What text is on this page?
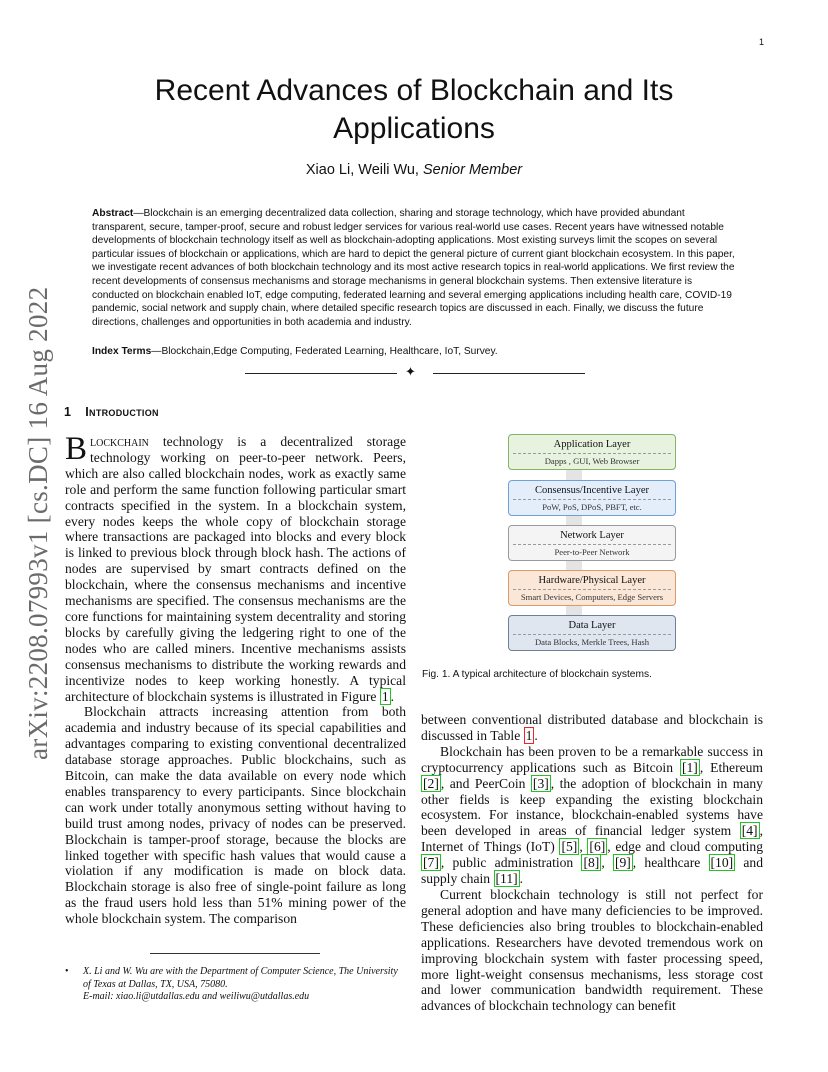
1
arXiv:2208.07993v1 [cs.DC] 16 Aug 2022
Recent Advances of Blockchain and Its Applications
Xiao Li, Weili Wu, Senior Member
Abstract—Blockchain is an emerging decentralized data collection, sharing and storage technology, which have provided abundant transparent, secure, tamper-proof, secure and robust ledger services for various real-world use cases. Recent years have witnessed notable developments of blockchain technology itself as well as blockchain-adopting applications. Most existing surveys limit the scopes on several particular issues of blockchain or applications, which are hard to depict the general picture of current giant blockchain ecosystem. In this paper, we investigate recent advances of both blockchain technology and its most active research topics in real-world applications. We first review the recent developments of consensus mechanisms and storage mechanisms in general blockchain systems. Then extensive literature is conducted on blockchain enabled IoT, edge computing, federated learning and several emerging applications including health care, COVID-19 pandemic, social network and supply chain, where detailed specific research topics are discussed in each. Finally, we discuss the future directions, challenges and opportunities in both academia and industry.
Index Terms—Blockchain,Edge Computing, Federated Learning, Healthcare, IoT, Survey.
✦
1 Introduction

Blockchain technology is a decentralized storage technology working on peer-to-peer network. Peers, which are also called blockchain nodes, work as exactly same role and perform the same function following particular smart contracts specified in the system. In a blockchain system, every nodes keeps the whole copy of blockchain storage where transactions are packaged into blocks and every block is linked to previous block through block hash. The actions of nodes are supervised by smart contracts defined on the blockchain, where the consensus mechanisms and incentive mechanisms are specified. The consensus mechanisms are the core functions for maintaining system decentrality and storing blocks by carefully giving the ledgering right to one of the nodes who are called miners. Incentive mechanisms assists consensus mechanisms to distribute the working rewards and incentivize nodes to keep working honestly. A typical architecture of blockchain systems is illustrated in Figure 1 .

Blockchain attracts increasing attention from both academia and industry because of its special capabilities and advantages comparing to existing conventional decentralized database storage approaches. Public blockchains, such as Bitcoin, can make the data available on every node which enables transparency to every participants. Since blockchain can work under totally anonymous setting without having to build trust among nodes, privacy of nodes can be preserved. Blockchain is tamper-proof storage, because the blocks are linked together with specific hash values that would cause a violation if any modification is made on block data. Blockchain storage is also free of single-point failure as long as the fraud users hold less than 51% mining power of the whole blockchain system. The comparison

Application Layer
Dapps , GUI, Web Browser
Consensus/Incentive Layer
PoW, PoS, DPoS, PBFT, etc.
Network Layer
Peer-to-Peer Network
Hardware/Physical Layer
Smart Devices, Computers, Edge Servers
Data Layer
Data Blocks, Merkle Trees, Hash
Fig. 1. A typical architecture of blockchain systems.

between conventional distributed database and blockchain is discussed in Table 1 .

Blockchain has been proven to be a remarkable success in cryptocurrency applications such as Bitcoin [1] , Ethereum [2] , and PeerCoin [3] , the adoption of blockchain in many other fields is keep expanding the existing blockchain ecosystem. For instance, blockchain-enabled systems have been developed in areas of financial ledger system [4] , Internet of Things (IoT) [5] , [6] , edge and cloud computing [7] , public administration [8] , [9] , healthcare [10] and supply chain [11] .

Current blockchain technology is still not perfect for general adoption and have many deficiencies to be improved. These deficiencies also bring troubles to blockchain-enabled applications. Researchers have devoted tremendous work on improving blockchain system with faster processing speed, more light-weight consensus mechanisms, less storage cost and lower communication bandwidth requirement. These advances of blockchain technology can benefit

• X. Li and W. Wu are with the Department of Computer Science, The University of Texas at Dallas, TX, USA, 75080.
E-mail: xiao.li@utdallas.edu and weiliwu@utdallas.edu
